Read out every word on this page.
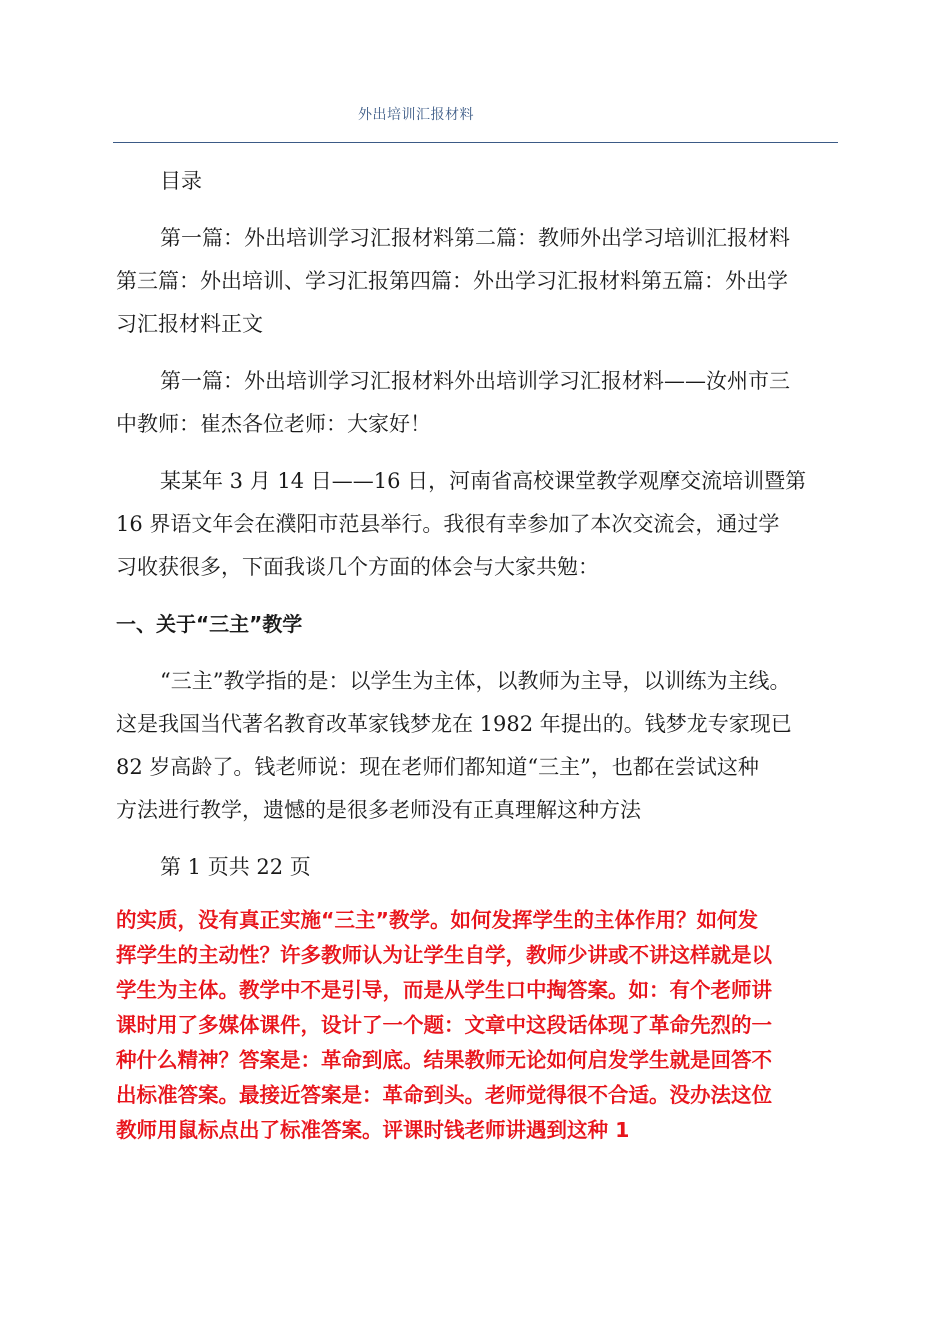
外出培训汇报材料

目录

第一篇：外出培训学习汇报材料第二篇：教师外出学习培训汇报材料
第三篇：外出培训、学习汇报第四篇：外出学习汇报材料第五篇：外出学
习汇报材料正文

第一篇：外出培训学习汇报材料外出培训学习汇报材料——汝州市三
中教师：崔杰各位老师：大家好！

某某年 3 月 14 日——16 日，河南省高校课堂教学观摩交流培训暨第
16 界语文年会在濮阳市范县举行。我很有幸参加了本次交流会，通过学
习收获很多，下面我谈几个方面的体会与大家共勉：

一、关于“三主”教学

“三主”教学指的是：以学生为主体，以教师为主导，以训练为主线。
这是我国当代著名教育改革家钱梦龙在 1982 年提出的。钱梦龙专家现已
82 岁高龄了。钱老师说：现在老师们都知道“三主”，也都在尝试这种
方法进行教学，遗憾的是很多老师没有正真理解这种方法

第 1 页共 22 页

的实质，没有真正实施“三主”教学。如何发挥学生的主体作用？如何发
挥学生的主动性？许多教师认为让学生自学，教师少讲或不讲这样就是以
学生为主体。教学中不是引导，而是从学生口中掏答案。如：有个老师讲
课时用了多媒体课件，设计了一个题：文章中这段话体现了革命先烈的一
种什么精神？答案是：革命到底。结果教师无论如何启发学生就是回答不
出标准答案。最接近答案是：革命到头。老师觉得很不合适。没办法这位
教师用鼠标点出了标准答案。评课时钱老师讲遇到这种 1
